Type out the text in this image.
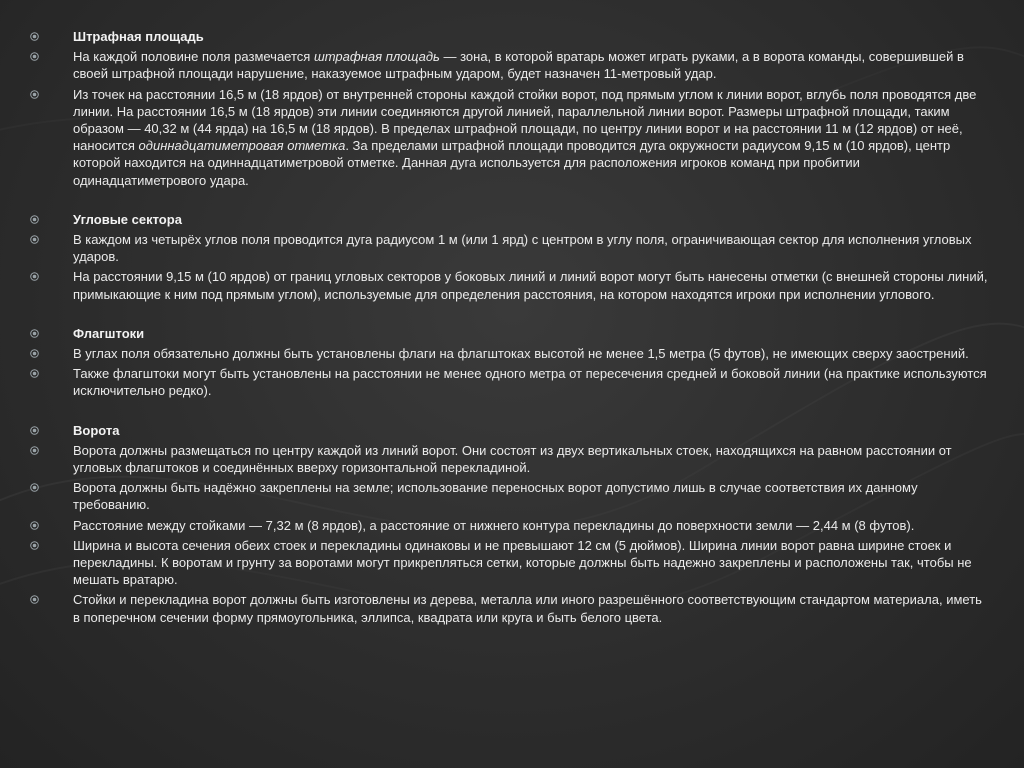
Штрафная площадь

На каждой половине поля размечается штрафная площадь — зона, в которой вратарь может играть руками, а в ворота команды, совершившей в своей штрафной площади нарушение, наказуемое штрафным ударом, будет назначен 11-метровый удар.

Из точек на расстоянии 16,5 м (18 ярдов) от внутренней стороны каждой стойки ворот, под прямым углом к линии ворот, вглубь поля проводятся две линии. На расстоянии 16,5 м (18 ярдов) эти линии соединяются другой линией, параллельной линии ворот. Размеры штрафной площади, таким образом — 40,32 м (44 ярда) на 16,5 м (18 ярдов). В пределах штрафной площади, по центру линии ворот и на расстоянии 11 м (12 ярдов) от неё, наносится одиннадцатиметровая отметка. За пределами штрафной площади проводится дуга окружности радиусом 9,15 м (10 ярдов), центр которой находится на одиннадцатиметровой отметке. Данная дуга используется для расположения игроков команд при пробитии одинадцатиметрового удара.

Угловые сектора

В каждом из четырёх углов поля проводится дуга радиусом 1 м (или 1 ярд) с центром в углу поля, ограничивающая сектор для исполнения угловых ударов.

На расстоянии 9,15 м (10 ярдов) от границ угловых секторов у боковых линий и линий ворот могут быть нанесены отметки (с внешней стороны линий, примыкающие к ним под прямым углом), используемые для определения расстояния, на котором находятся игроки при исполнении углового.

Флагштоки

В углах поля обязательно должны быть установлены флаги на флагштоках высотой не менее 1,5 метра (5 футов), не имеющих сверху заострений.

Также флагштоки могут быть установлены на расстоянии не менее одного метра от пересечения средней и боковой линии (на практике используются исключительно редко).

Ворота

Ворота должны размещаться по центру каждой из линий ворот. Они состоят из двух вертикальных стоек, находящихся на равном расстоянии от угловых флагштоков и соединённых вверху горизонтальной перекладиной.

Ворота должны быть надёжно закреплены на земле; использование переносных ворот допустимо лишь в случае соответствия их данному требованию.

Расстояние между стойками — 7,32 м (8 ярдов), а расстояние от нижнего контура перекладины до поверхности земли — 2,44 м (8 футов).

Ширина и высота сечения обеих стоек и перекладины одинаковы и не превышают 12 см (5 дюймов). Ширина линии ворот равна ширине стоек и перекладины. К воротам и грунту за воротами могут прикрепляться сетки, которые должны быть надежно закреплены и расположены так, чтобы не мешать вратарю.

Стойки и перекладина ворот должны быть изготовлены из дерева, металла или иного разрешённого соответствующим стандартом материала, иметь в поперечном сечении форму прямоугольника, эллипса, квадрата или круга и быть белого цвета.
